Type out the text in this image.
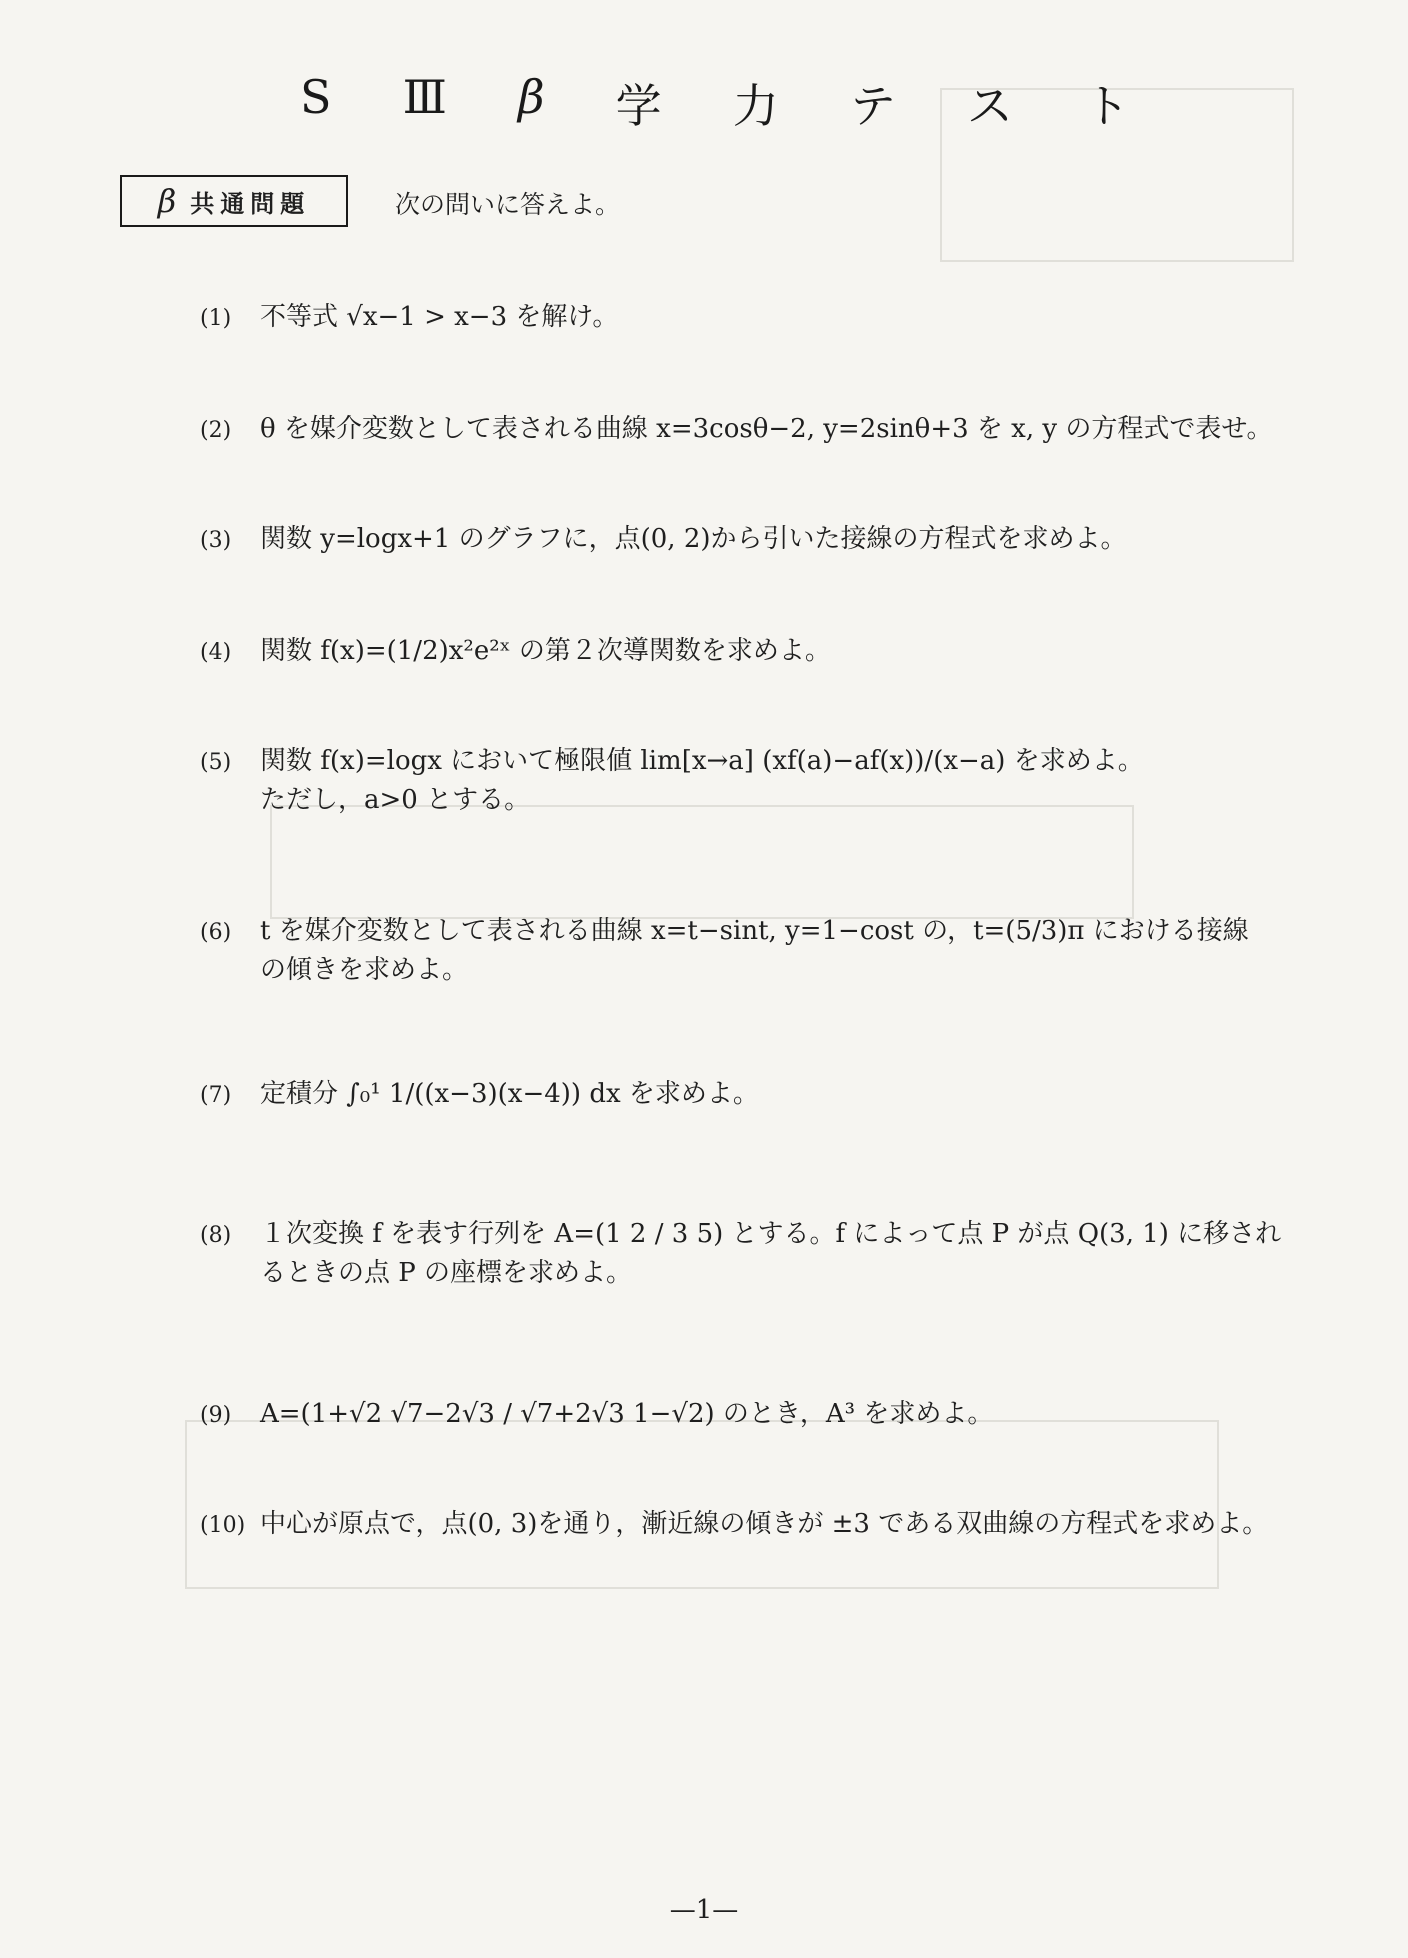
S Ⅲ β 学 力 テ ス ト
β 共通問題	次の問いに答えよ。
(1) 不等式 √x−1 > x−3 を解け。
(2) θ を媒介変数として表される曲線 x=3cosθ−2, y=2sinθ+3 を x, y の方程式で表せ。
(3) 関数 y=logx+1 のグラフに，点(0, 2)から引いた接線の方程式を求めよ。
(4) 関数 f(x)=(1/2)x²e²ˣ の第２次導関数を求めよ。
(5) 関数 f(x)=logx において極限値 lim[x→a] (xf(a)−af(x))/(x−a) を求めよ。
ただし，a>0 とする。
(6) t を媒介変数として表される曲線 x=t−sint, y=1−cost の，t=(5/3)π における接線
の傾きを求めよ。
(7) 定積分 ∫₀¹ 1/((x−3)(x−4)) dx を求めよ。
(8) １次変換 f を表す行列を A=(1 2 / 3 5) とする。f によって点 P が点 Q(3, 1) に移され
るときの点 P の座標を求めよ。
(9) A=(1+√2 √7−2√3 / √7+2√3 1−√2) のとき，A³ を求めよ。
(10) 中心が原点で，点(0, 3)を通り，漸近線の傾きが ±3 である双曲線の方程式を求めよ。
—1—
